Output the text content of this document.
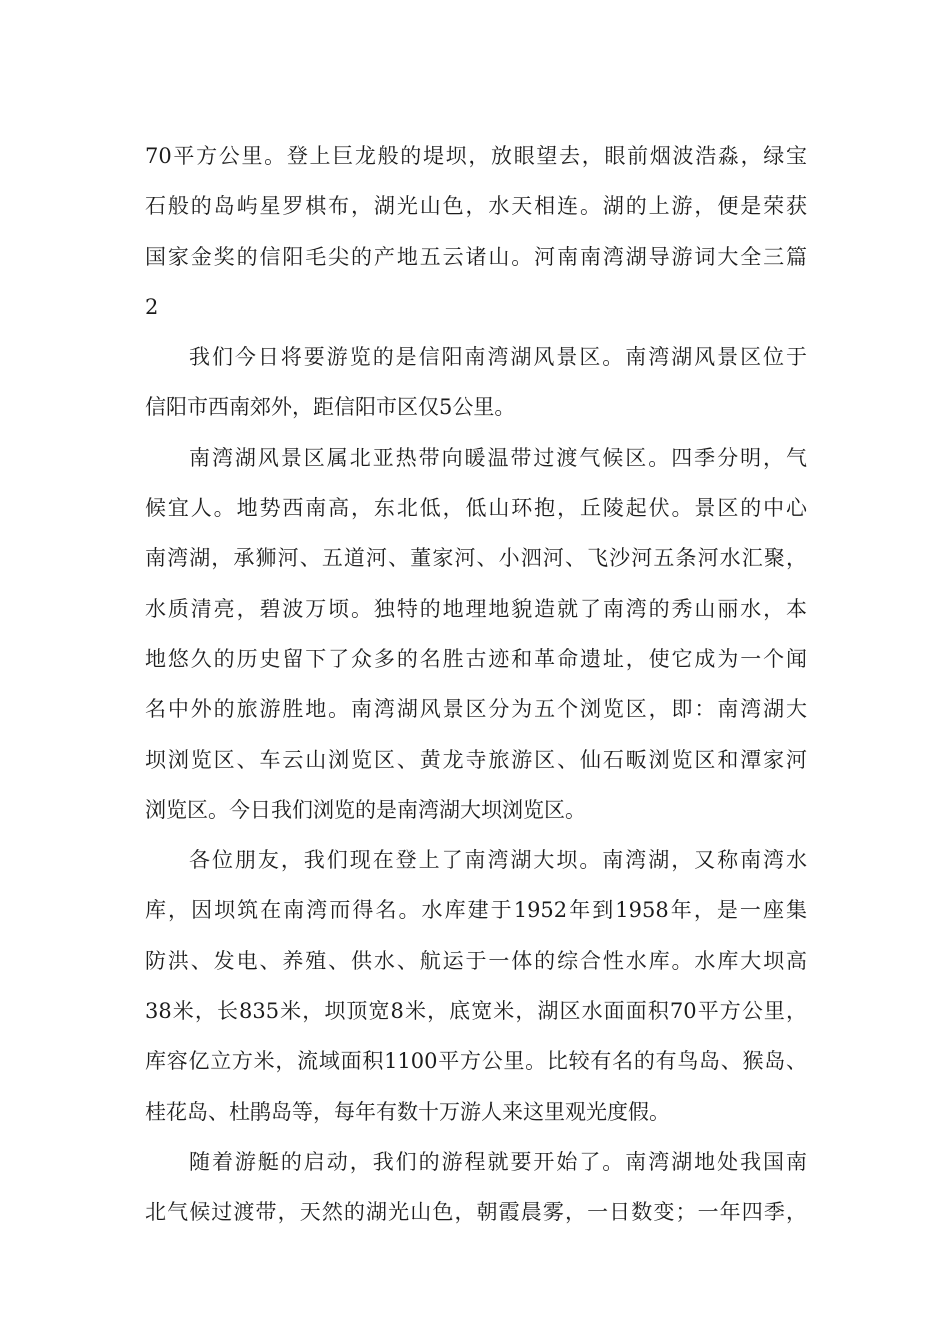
70平方公里。登上巨龙般的堤坝，放眼望去，眼前烟波浩淼，绿宝
石般的岛屿星罗棋布，湖光山色，水天相连。湖的上游，便是荣获
国家金奖的信阳毛尖的产地五云诸山。河南南湾湖导游词大全三篇
2
我们今日将要游览的是信阳南湾湖风景区。南湾湖风景区位于
信阳市西南郊外，距信阳市区仅5公里。
南湾湖风景区属北亚热带向暖温带过渡气候区。四季分明，气
候宜人。地势西南高，东北低，低山环抱，丘陵起伏。景区的中心
南湾湖，承狮河、五道河、董家河、小泗河、飞沙河五条河水汇聚，
水质清亮，碧波万顷。独特的地理地貌造就了南湾的秀山丽水，本
地悠久的历史留下了众多的名胜古迹和革命遗址，使它成为一个闻
名中外的旅游胜地。南湾湖风景区分为五个浏览区，即：南湾湖大
坝浏览区、车云山浏览区、黄龙寺旅游区、仙石畈浏览区和潭家河
浏览区。今日我们浏览的是南湾湖大坝浏览区。
各位朋友，我们现在登上了南湾湖大坝。南湾湖，又称南湾水
库，因坝筑在南湾而得名。水库建于1952年到1958年，是一座集
防洪、发电、养殖、供水、航运于一体的综合性水库。水库大坝高
38米，长835米，坝顶宽8米，底宽米，湖区水面面积70平方公里，
库容亿立方米，流域面积1100平方公里。比较有名的有鸟岛、猴岛、
桂花岛、杜鹃岛等，每年有数十万游人来这里观光度假。
随着游艇的启动，我们的游程就要开始了。南湾湖地处我国南
北气候过渡带，天然的湖光山色，朝霞晨雾，一日数变；一年四季，
